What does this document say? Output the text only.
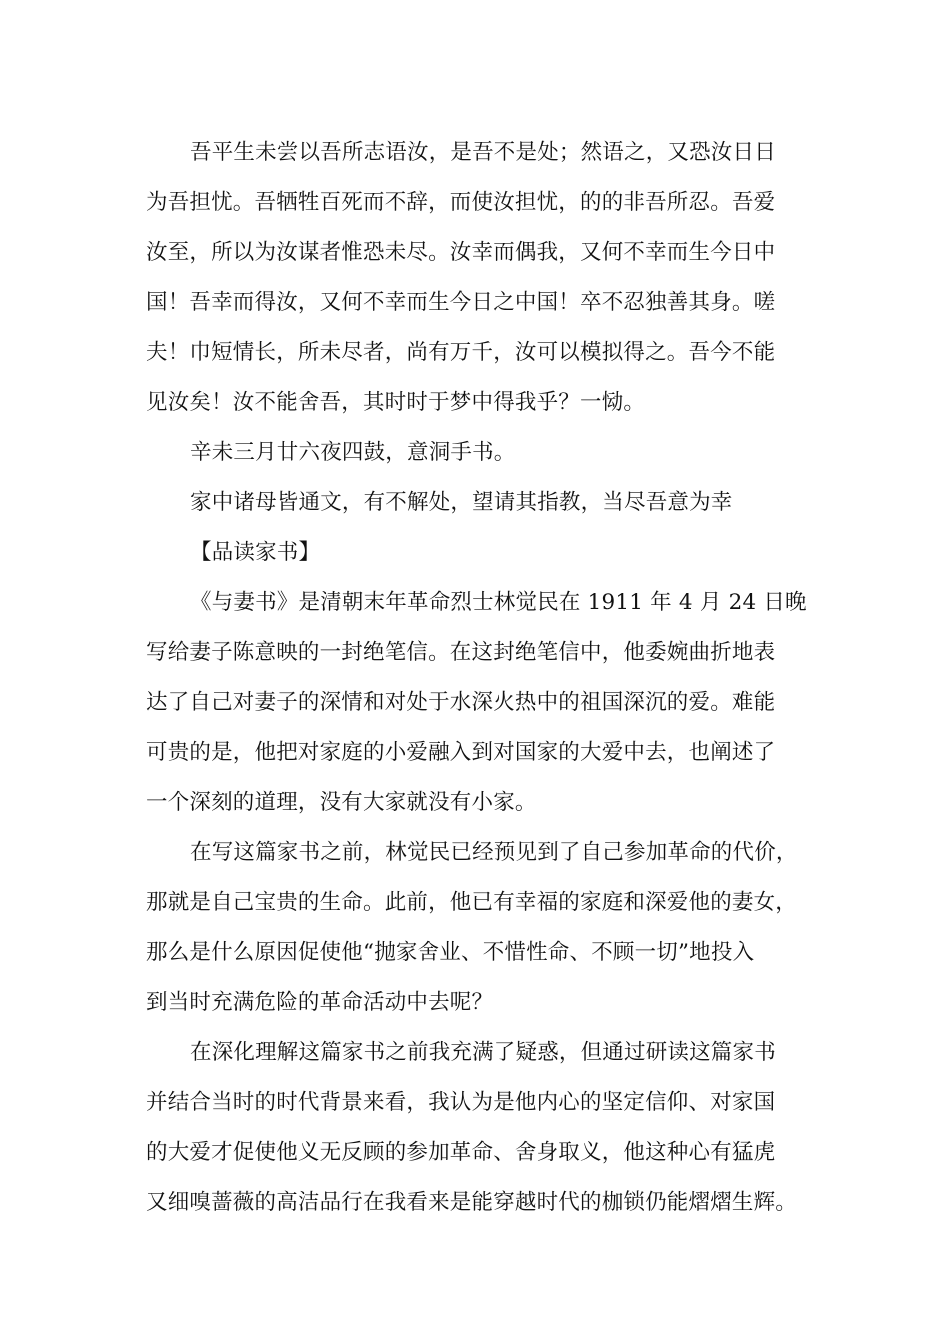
吾平生未尝以吾所志语汝，是吾不是处；然语之，又恐汝日日
为吾担忧。吾牺牲百死而不辞，而使汝担忧，的的非吾所忍。吾爱
汝至，所以为汝谋者惟恐未尽。汝幸而偶我，又何不幸而生今日中
国！吾幸而得汝，又何不幸而生今日之中国！卒不忍独善其身。嗟
夫！巾短情长，所未尽者，尚有万千，汝可以模拟得之。吾今不能
见汝矣！汝不能舍吾，其时时于梦中得我乎？一恸。
辛未三月廿六夜四鼓，意洞手书。
家中诸母皆通文，有不解处，望请其指教，当尽吾意为幸
【品读家书】
《与妻书》是清朝末年革命烈士林觉民在 1911 年 4 月 24 日晚
写给妻子陈意映的一封绝笔信。在这封绝笔信中，他委婉曲折地表
达了自己对妻子的深情和对处于水深火热中的祖国深沉的爱。难能
可贵的是，他把对家庭的小爱融入到对国家的大爱中去，也阐述了
一个深刻的道理，没有大家就没有小家。
在写这篇家书之前，林觉民已经预见到了自己参加革命的代价，
那就是自己宝贵的生命。此前，他已有幸福的家庭和深爱他的妻女，
那么是什么原因促使他“抛家舍业、不惜性命、不顾一切”地投入
到当时充满危险的革命活动中去呢？
在深化理解这篇家书之前我充满了疑惑，但通过研读这篇家书
并结合当时的时代背景来看，我认为是他内心的坚定信仰、对家国
的大爱才促使他义无反顾的参加革命、舍身取义，他这种心有猛虎
又细嗅蔷薇的高洁品行在我看来是能穿越时代的枷锁仍能熠熠生辉。
